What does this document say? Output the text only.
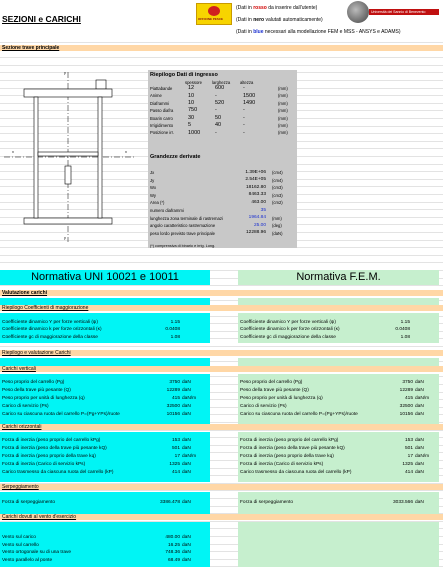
SEZIONI e CARICHI	OFFICINE PESCE
(Dati in rosso da inserire dall'utente)
(Dati in nero valutati automaticamente)
(Dati in blue necessari alla modellazione FEM e MSS - ANSYS e ADAMS)
Università del Sannio di Benevento
Sezione trave principale
y
y
x	x
Riepilogo Dati di ingresso
spessore larghezza altezza
Piattabande	12	600	-	(mm)
Anime	10	-	1500	(mm)
Diaframmi	10	520	1490	(mm)
Passo diafra	750	-	-	(mm)
Boarin carro	30	50	-	(mm)
Irrigidimento	5	40	-	(mm)
Posizione irr.	1000	-	-	(mm)
Grandezze derivate
Jx	1.39E+06 (cm4)
Jy	2.54E+05 (cm4)
Wx	18162.80 (cm3)
Wy	8463.33 (cm3)
Area (*)	463.00 (cm2)
numero diaframmi	35
lunghezza zona terminale di rastremazi	1964.84 (mm)
angolo caratteristico rastremazione	25.00 (deg)
peso lordo previsto trave principale	12288.96 (daN)
(*) comprensiva di binario e irrig. Long.
Normativa UNI 10021 e 10011	Normativa F.E.M.
Valutazione carichi
Riepilogo Coefficienti di maggiorazione
Coefficiente dinamico Y per forze verticali (ψ)	1.15	Coefficiente dinamico Y per forze verticali (ψ)	1.15
Coefficiente dinamico k per forze orizzontali (κ)	0.0408	Coefficiente dinamico k per forze orizzontali (κ)	0.0408
Coefficiente gc di maggiorazione della classe	1.08	Coefficiente gc di maggiorazione della classe	1.08
Riepilogo e valutazione Carichi
Carichi verticali
Peso proprio del carrello (Pg)	3750 daN	Peso proprio del carrello (Pg)	3750 daN
Peso della trave più pesante (Q)	12289 daN	Peso della trave più pesante (Q)	12289 daN
Peso proprio per unità di lunghezza (q)	415 daN/m	Peso proprio per unità di lunghezza (q)	415 daN/m
Carico di servizio (Ps)	32500 daN	Carico di servizio (Ps)	32500 daN
Carico su ciascuna ruota del carrello P=(Pg+YPs)/ruote	10156 daN	Carico su ciascuna ruota del carrello P=(Pg+YPs)/ruote	10156 daN
Carichi orizzontali
Forza di inerzia (peso proprio del carrello kPg)	153 daN	Forza di inerzia (peso proprio del carrello kPg)	153 daN
Forza di inerzia (peso della trave più pesante kQ)	501 daN	Forza di inerzia (peso della trave più pesante kQ)	501 daN
Forza di inerzia (peso proprio della trave kq)	17 daN/m	Forza di inerzia (peso proprio della trave kq)	17 daN/m
Forza di inerzia (Carico di servizio kPs)	1325 daN	Forza di inerzia (Carico di servizio kPs)	1325 daN
Carico trasmesso da ciascuna ruota del carrello (kP)	414 daN	Carico trasmesso da ciascuna ruota del carrello (kP)	414 daN
Serpeggiamento
Forza di serpeggiamento	3386.478 daN	Forza di serpeggiamento	3033.566 daN
Carichi dovuti al vento d'esercizio
Vento sul carico	480.00 daN
Vento sul carrello	16.25 daN
Vento ortogonale su di una trave	748.36 daN
Vento parallelo al ponte	68.49 daN
